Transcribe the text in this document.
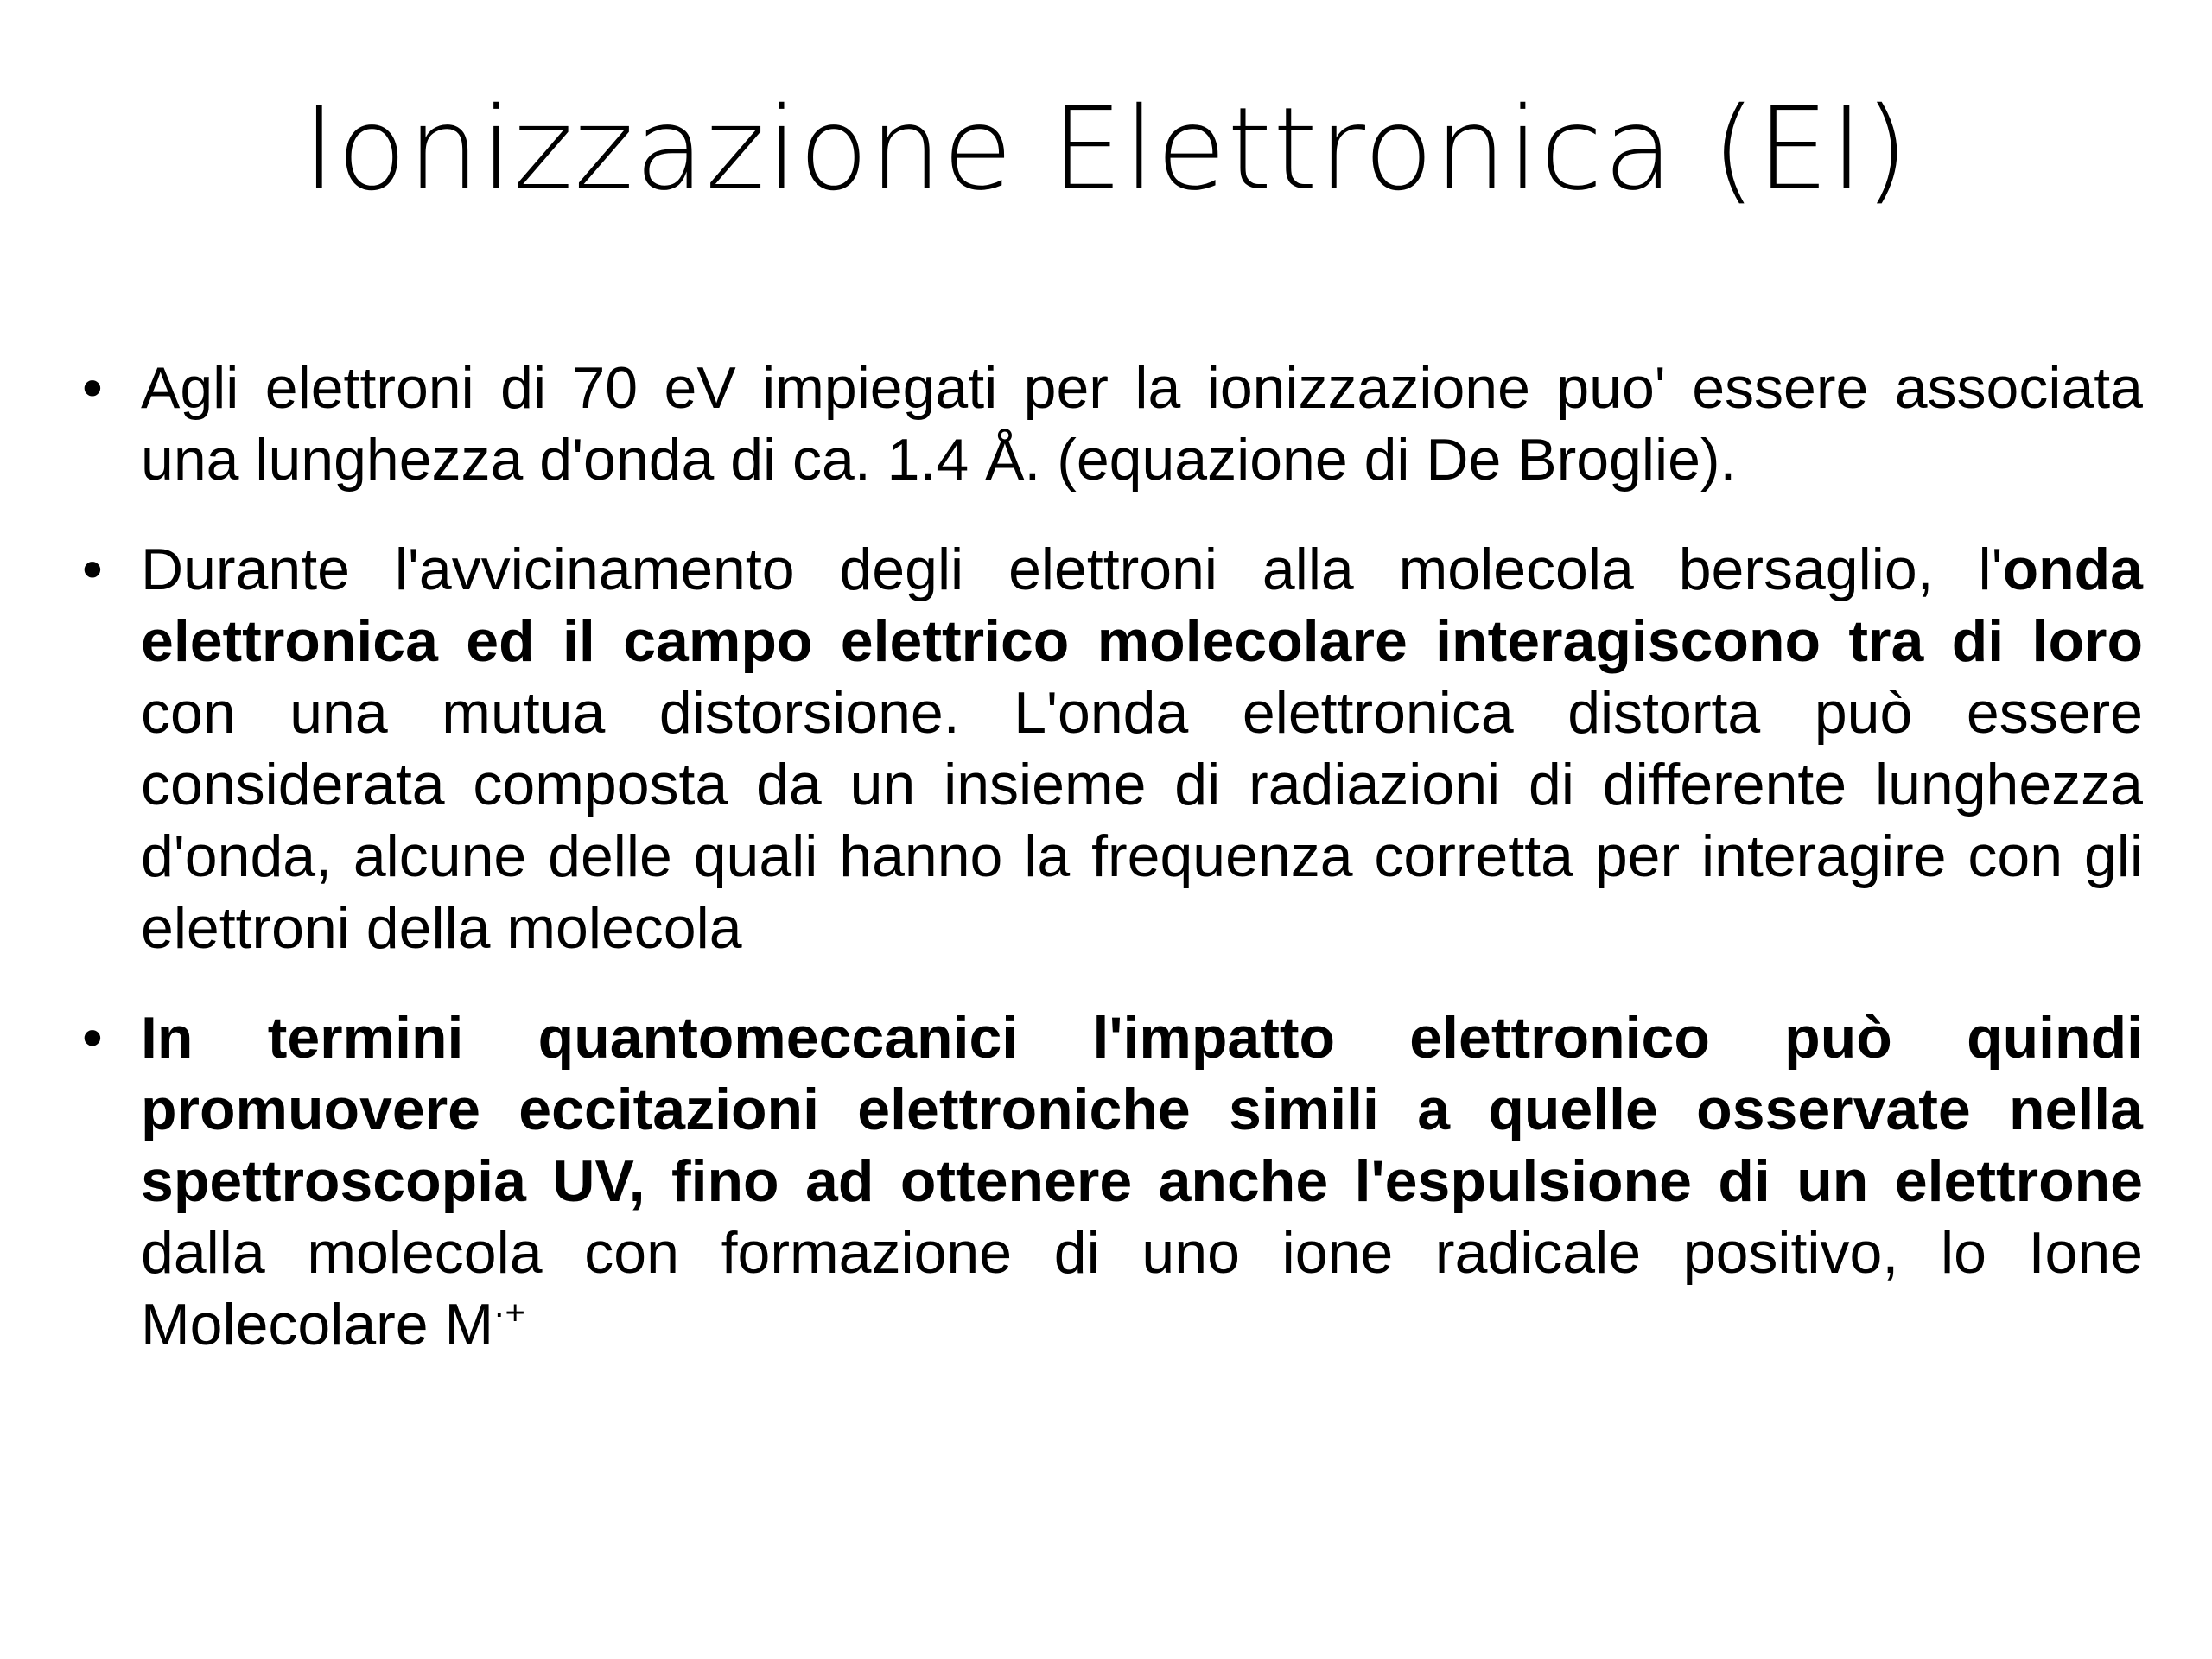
Ionizzazione Elettronica (EI)
• Agli elettroni di 70 eV impiegati per la ionizzazione puo' essere associata una lunghezza d'onda di ca. 1.4 Å. (equazione di De Broglie).
• Durante l'avvicinamento degli elettroni alla molecola bersaglio, l'onda elettronica ed il campo elettrico molecolare interagiscono tra di loro con una mutua distorsione. L'onda elettronica distorta può essere considerata composta da un insieme di radiazioni di differente lunghezza d'onda, alcune delle quali hanno la frequenza corretta per interagire con gli elettroni della molecola
• In termini quantomeccanici l'impatto elettronico può quindi promuovere eccitazioni elettroniche simili a quelle osservate nella spettroscopia UV, fino ad ottenere anche l'espulsione di un elettrone dalla molecola con formazione di uno ione radicale positivo, lo Ione Molecolare M·+
